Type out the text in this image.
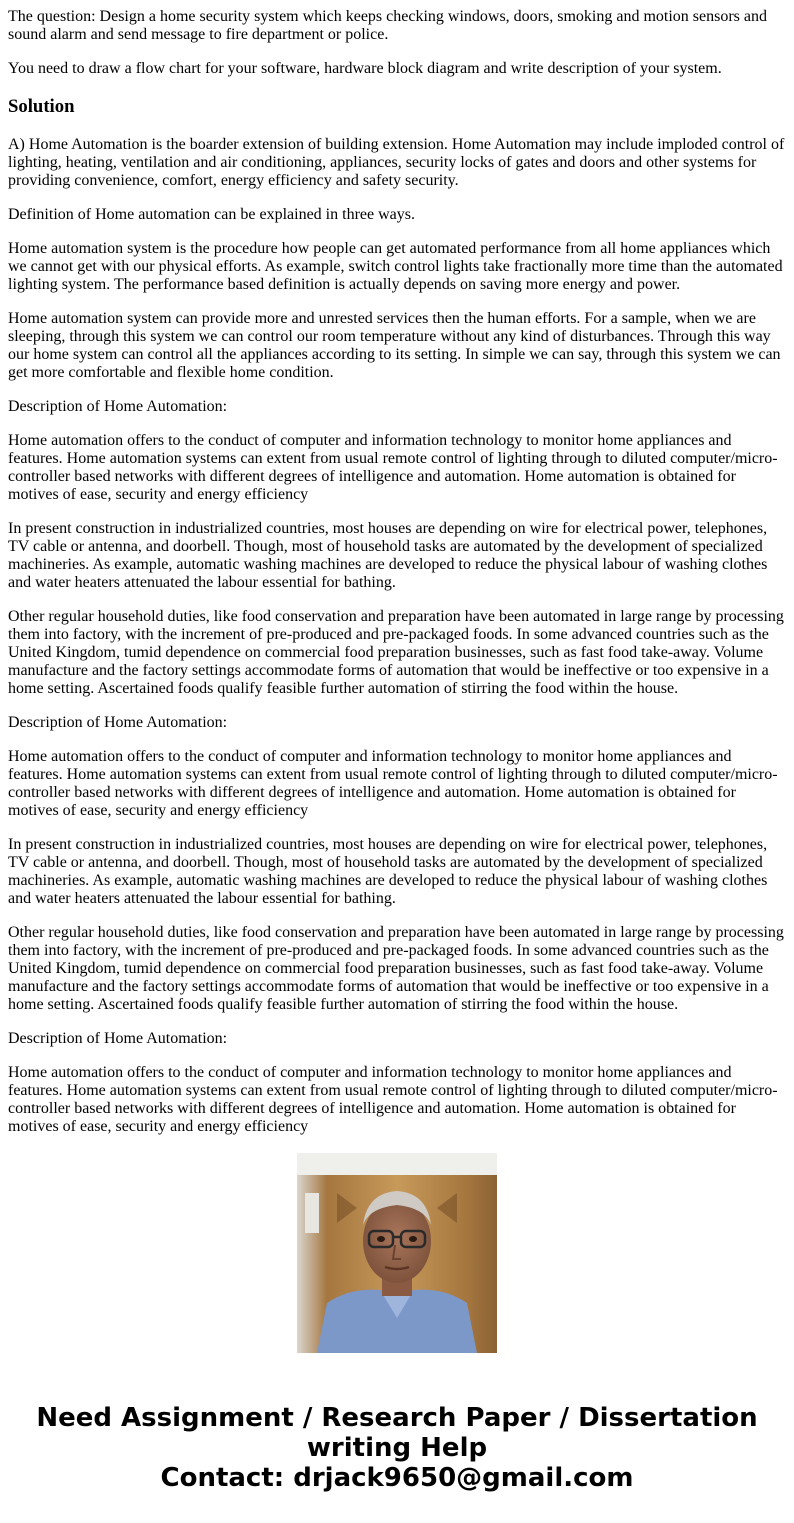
The question: Design a home security system which keeps checking windows, doors, smoking and motion sensors and sound alarm and send message to fire department or police.

You need to draw a flow chart for your software, hardware block diagram and write description of your system.

Solution

A) Home Automation is the boarder extension of building extension. Home Automation may include imploded control of lighting, heating, ventilation and air conditioning, appliances, security locks of gates and doors and other systems for providing convenience, comfort, energy efficiency and safety security.

Definition of Home automation can be explained in three ways.

Home automation system is the procedure how people can get automated performance from all home appliances which we cannot get with our physical efforts. As example, switch control lights take fractionally more time than the automated lighting system. The performance based definition is actually depends on saving more energy and power.

Home automation system can provide more and unrested services then the human efforts. For a sample, when we are sleeping, through this system we can control our room temperature without any kind of disturbances. Through this way our home system can control all the appliances according to its setting. In simple we can say, through this system we can get more comfortable and flexible home condition.

Description of Home Automation:

Home automation offers to the conduct of computer and information technology to monitor home appliances and features. Home automation systems can extent from usual remote control of lighting through to diluted computer/micro-controller based networks with different degrees of intelligence and automation. Home automation is obtained for motives of ease, security and energy efficiency

In present construction in industrialized countries, most houses are depending on wire for electrical power, telephones, TV cable or antenna, and doorbell. Though, most of household tasks are automated by the development of specialized machineries. As example, automatic washing machines are developed to reduce the physical labour of washing clothes and water heaters attenuated the labour essential for bathing.

Other regular household duties, like food conservation and preparation have been automated in large range by processing them into factory, with the increment of pre-produced and pre-packaged foods. In some advanced countries such as the United Kingdom, tumid dependence on commercial food preparation businesses, such as fast food take-away. Volume manufacture and the factory settings accommodate forms of automation that would be ineffective or too expensive in a home setting. Ascertained foods qualify feasible further automation of stirring the food within the house.

Description of Home Automation:

Home automation offers to the conduct of computer and information technology to monitor home appliances and features. Home automation systems can extent from usual remote control of lighting through to diluted computer/micro-controller based networks with different degrees of intelligence and automation. Home automation is obtained for motives of ease, security and energy efficiency

In present construction in industrialized countries, most houses are depending on wire for electrical power, telephones, TV cable or antenna, and doorbell. Though, most of household tasks are automated by the development of specialized machineries. As example, automatic washing machines are developed to reduce the physical labour of washing clothes and water heaters attenuated the labour essential for bathing.

Other regular household duties, like food conservation and preparation have been automated in large range by processing them into factory, with the increment of pre-produced and pre-packaged foods. In some advanced countries such as the United Kingdom, tumid dependence on commercial food preparation businesses, such as fast food take-away. Volume manufacture and the factory settings accommodate forms of automation that would be ineffective or too expensive in a home setting. Ascertained foods qualify feasible further automation of stirring the food within the house.

Description of Home Automation:

Home automation offers to the conduct of computer and information technology to monitor home appliances and features. Home automation systems can extent from usual remote control of lighting through to diluted computer/micro-controller based networks with different degrees of intelligence and automation. Home automation is obtained for motives of ease, security and energy efficiency

Need Assignment / Research Paper / Dissertation
writing Help
Contact: drjack9650@gmail.com
